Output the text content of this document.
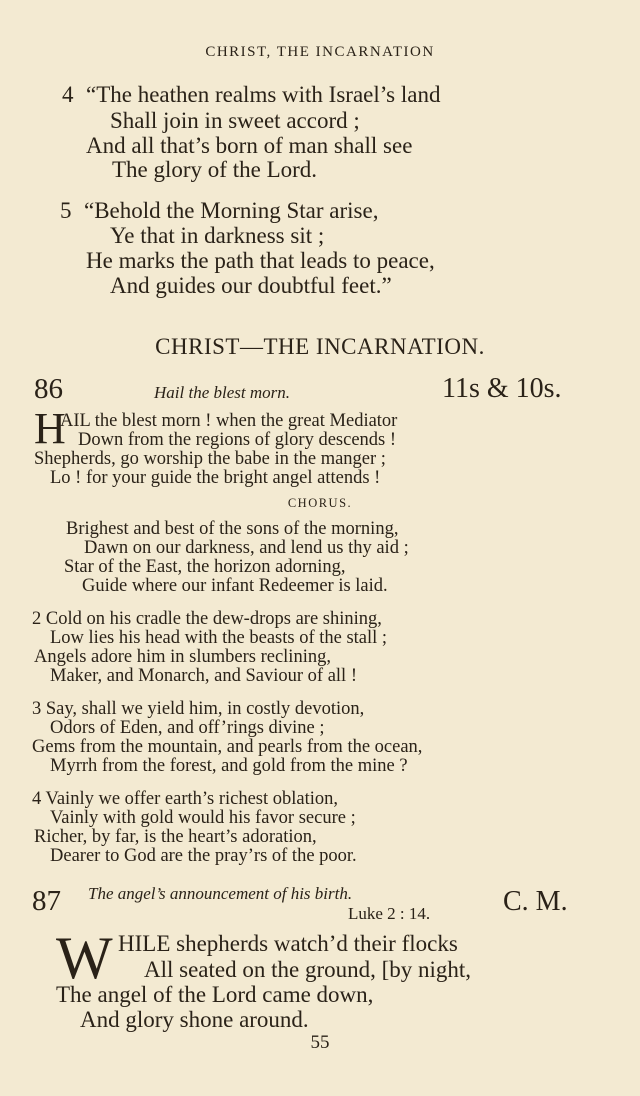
CHRIST, THE INCARNATION
4 “The heathen realms with Israel’s land
Shall join in sweet accord ;
And all that’s born of man shall see
The glory of the Lord.
5 “Behold the Morning Star arise,
Ye that in darkness sit ;
He marks the path that leads to peace,
And guides our doubtful feet.”
CHRIST—THE INCARNATION.
86	Hail the blest morn.	11s & 10s.
H
AIL the blest morn ! when the great Mediator
Down from the regions of glory descends !
Shepherds, go worship the babe in the manger ;
Lo ! for your guide the bright angel attends !
CHORUS.
Brighest and best of the sons of the morning,
Dawn on our darkness, and lend us thy aid ;
Star of the East, the horizon adorning,
Guide where our infant Redeemer is laid.
2 Cold on his cradle the dew-drops are shining,
Low lies his head with the beasts of the stall ;
Angels adore him in slumbers reclining,
Maker, and Monarch, and Saviour of all !
3 Say, shall we yield him, in costly devotion,
Odors of Eden, and off’rings divine ;
Gems from the mountain, and pearls from the ocean,
Myrrh from the forest, and gold from the mine ?
4 Vainly we offer earth’s richest oblation,
Vainly with gold would his favor secure ;
Richer, by far, is the heart’s adoration,
Dearer to God are the pray’rs of the poor.
87 The angel’s announcement of his birth.
Luke 2 : 14.	C. M.
W HILE shepherds watch’d their flocks
All seated on the ground, [by night,
The angel of the Lord came down,
And glory shone around.
55
